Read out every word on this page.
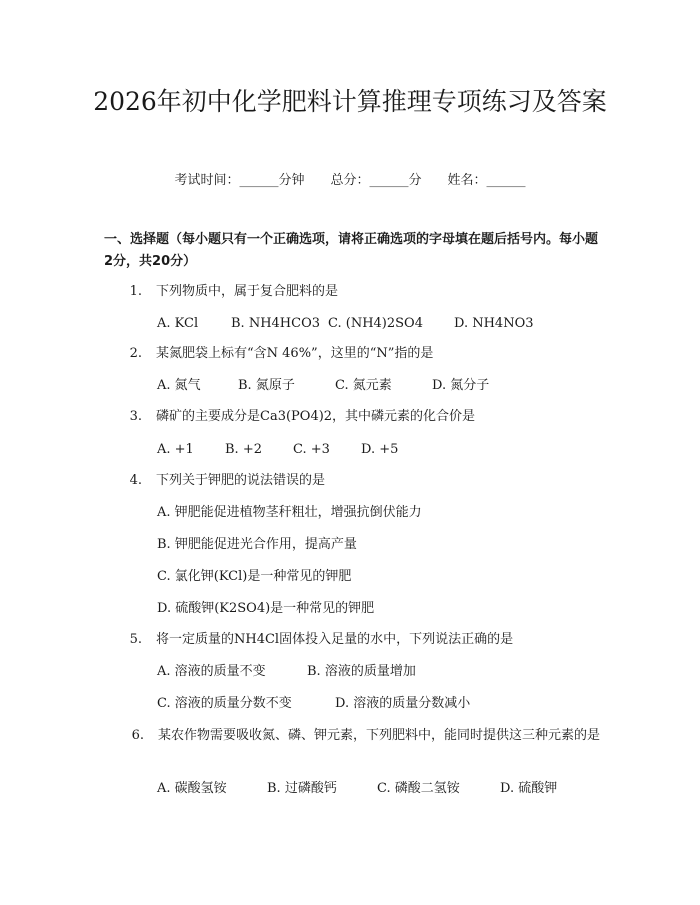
2026年初中化学肥料计算推理专项练习及答案
考试时间：______分钟 总分：______分 姓名：______
一、选择题（每小题只有一个正确选项，请将正确选项的字母填在题后括号内。每小题2分，共20分）
1. 下列物质中，属于复合肥料的是
A. KCl	B. NH4HCO3 C. (NH4)2SO4 D. NH4NO3
2. 某氮肥袋上标有“含N 46%”，这里的“N”指的是
A. 氮气	B. 氮原子	C. 氮元素	D. 氮分子
3. 磷矿的主要成分是Ca3(PO4)2，其中磷元素的化合价是
A. +1 B. +2 C. +3 D. +5
4. 下列关于钾肥的说法错误的是
A. 钾肥能促进植物茎秆粗壮，增强抗倒伏能力
B. 钾肥能促进光合作用，提高产量
C. 氯化钾(KCl)是一种常见的钾肥
D. 硫酸钾(K2SO4)是一种常见的钾肥
5. 将一定质量的NH4Cl固体投入足量的水中，下列说法正确的是
A. 溶液的质量不变	B. 溶液的质量增加
C. 溶液的质量分数不变	D. 溶液的质量分数减小
6. 某农作物需要吸收氮、磷、钾元素，下列肥料中，能同时提供这三种元素的是
A. 碳酸氢铵	B. 过磷酸钙	C. 磷酸二氢铵	D. 硫酸钾
